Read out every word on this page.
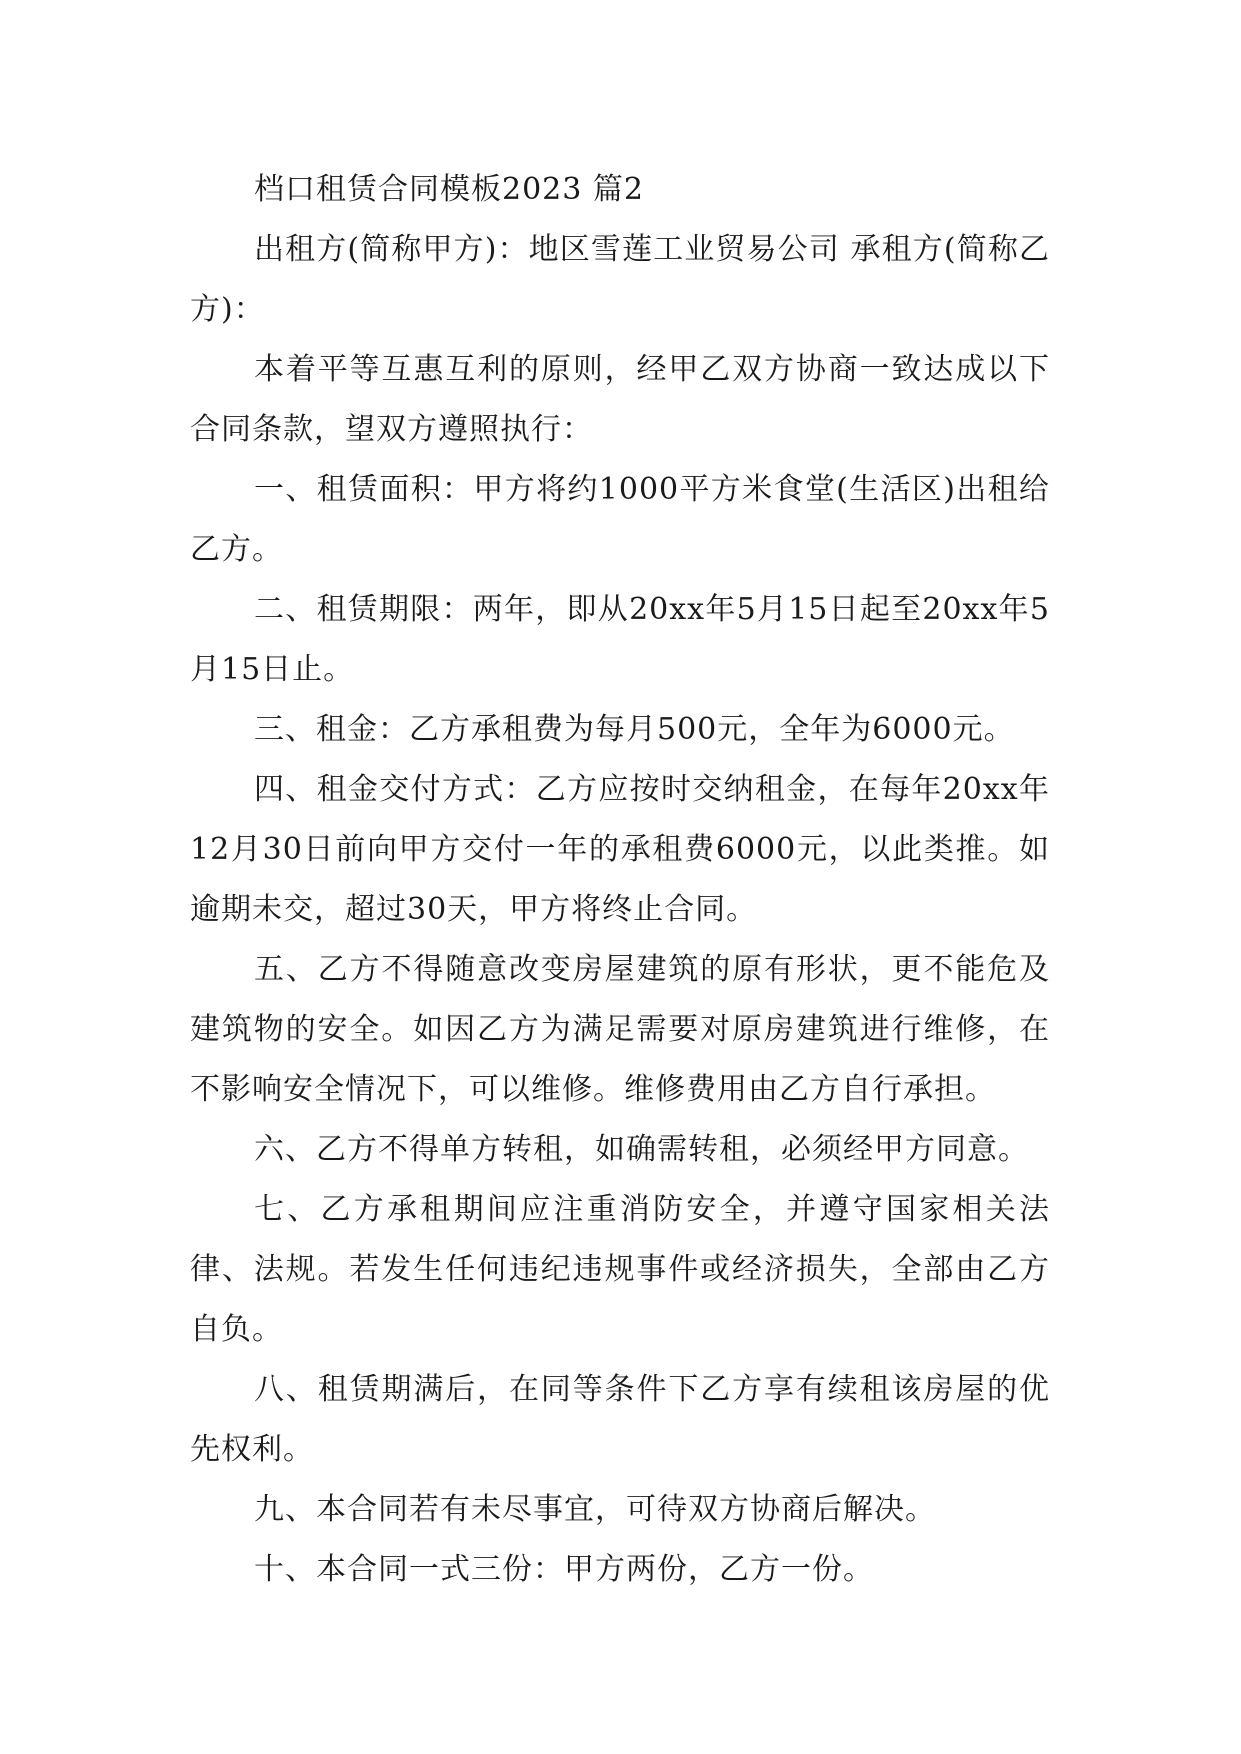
档口租赁合同模板2023 篇2

出租方(简称甲方)：地区雪莲工业贸易公司 承租方(简称乙方)：

本着平等互惠互利的原则，经甲乙双方协商一致达成以下合同条款，望双方遵照执行：

一、租赁面积：甲方将约1000平方米食堂(生活区)出租给乙方。

二、租赁期限：两年，即从20xx年5月15日起至20xx年5月15日止。

三、租金：乙方承租费为每月500元，全年为6000元。

四、租金交付方式：乙方应按时交纳租金，在每年20xx年12月30日前向甲方交付一年的承租费6000元，以此类推。如逾期未交，超过30天，甲方将终止合同。

五、乙方不得随意改变房屋建筑的原有形状，更不能危及建筑物的安全。如因乙方为满足需要对原房建筑进行维修，在不影响安全情况下，可以维修。维修费用由乙方自行承担。

六、乙方不得单方转租，如确需转租，必须经甲方同意。

七、乙方承租期间应注重消防安全，并遵守国家相关法律、法规。若发生任何违纪违规事件或经济损失，全部由乙方自负。

八、租赁期满后，在同等条件下乙方享有续租该房屋的优先权利。

九、本合同若有未尽事宜，可待双方协商后解决。

十、本合同一式三份：甲方两份，乙方一份。
